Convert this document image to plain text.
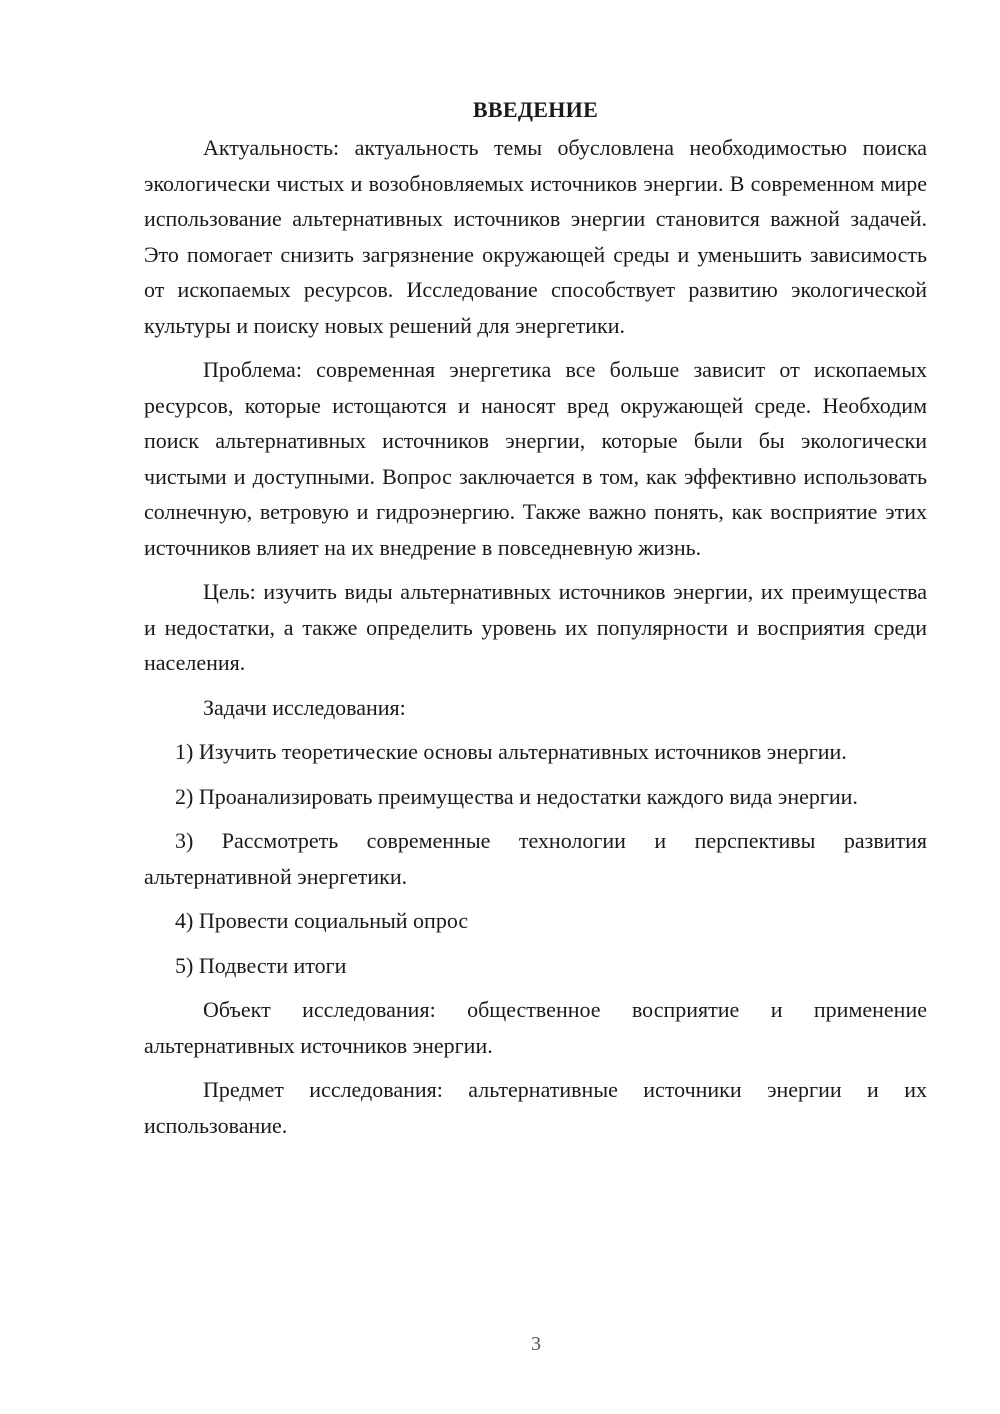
ВВЕДЕНИЕ

Актуальность: актуальность темы обусловлена необходимостью поиска экологически чистых и возобновляемых источников энергии. В современном мире использование альтернативных источников энергии становится важной задачей. Это помогает снизить загрязнение окружающей среды и уменьшить зависимость от ископаемых ресурсов. Исследование способствует развитию экологической культуры и поиску новых решений для энергетики.

Проблема: современная энергетика все больше зависит от ископаемых ресурсов, которые истощаются и наносят вред окружающей среде. Необходим поиск альтернативных источников энергии, которые были бы экологически чистыми и доступными. Вопрос заключается в том, как эффективно использовать солнечную, ветровую и гидроэнергию. Также важно понять, как восприятие этих источников влияет на их внедрение в повседневную жизнь.

Цель: изучить виды альтернативных источников энергии, их преимущества и недостатки, а также определить уровень их популярности и восприятия среди населения.

Задачи исследования:

1) Изучить теоретические основы альтернативных источников энергии.

2) Проанализировать преимущества и недостатки каждого вида энергии.

3) Рассмотреть современные технологии и перспективы развития альтернативной энергетики.

4) Провести социальный опрос

5) Подвести итоги

Объект исследования: общественное восприятие и применение альтернативных источников энергии.

Предмет исследования: альтернативные источники энергии и их использование.

3
